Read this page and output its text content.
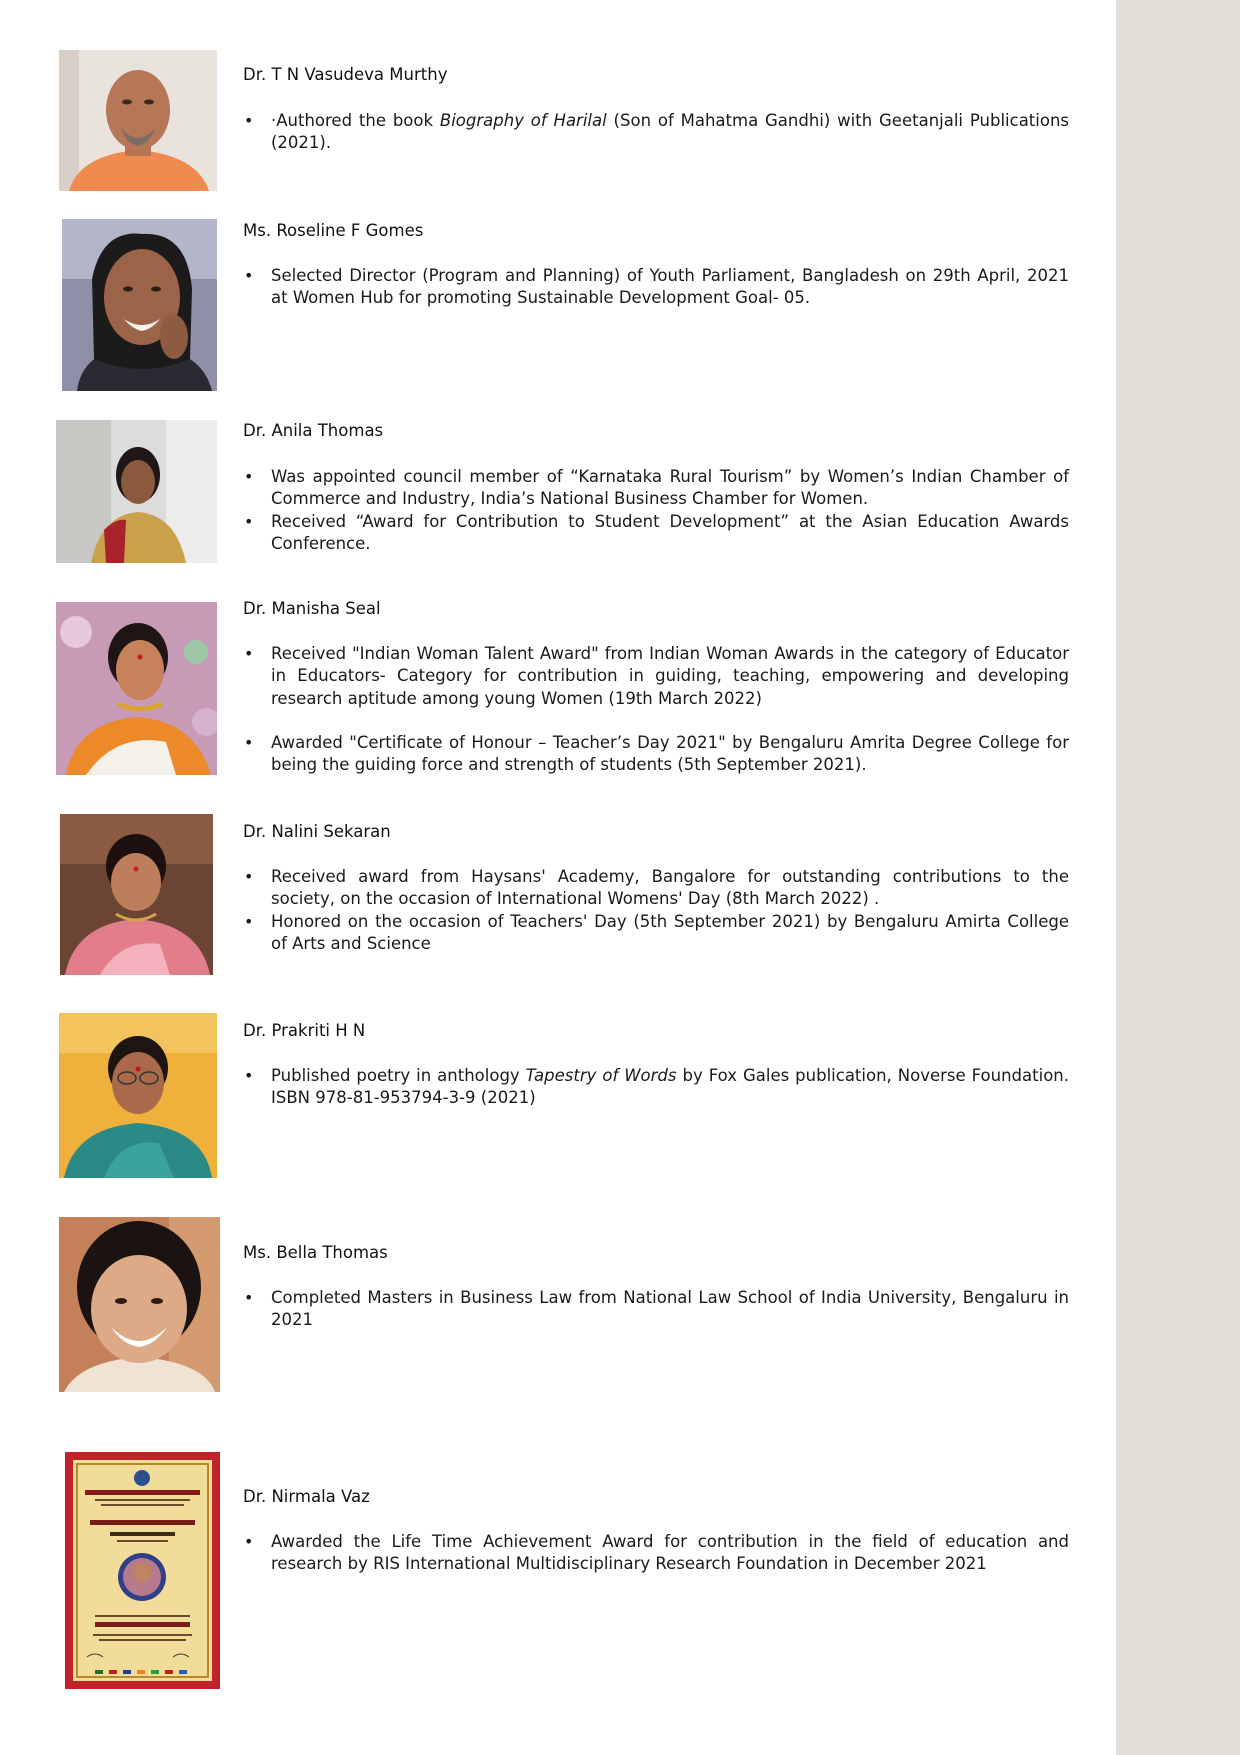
Dr. T N Vasudeva Murthy
• ·Authored the book Biography of Harilal (Son of Mahatma Gandhi) with Geetanjali Publications (2021).
Ms. Roseline F Gomes
• Selected Director (Program and Planning) of Youth Parliament, Bangladesh on 29th April, 2021 at Women Hub for promoting Sustainable Development Goal- 05.
Dr. Anila Thomas
• Was appointed council member of “Karnataka Rural Tourism” by Women’s Indian Chamber of Commerce and Industry, India’s National Business Chamber for Women.
• Received “Award for Contribution to Student Development” at the Asian Education Awards Conference.
Dr. Manisha Seal
• Received "Indian Woman Talent Award" from Indian Woman Awards in the category of Educator in Educators- Category for contribution in guiding, teaching, empowering and developing research aptitude among young Women (19th March 2022)
• Awarded "Certificate of Honour – Teacher’s Day 2021" by Bengaluru Amrita Degree College for being the guiding force and strength of students (5th September 2021).
Dr. Nalini Sekaran
• Received award from Haysans' Academy, Bangalore for outstanding contributions to the society, on the occasion of International Womens' Day (8th March 2022) .
• Honored on the occasion of Teachers' Day (5th September 2021) by Bengaluru Amirta College of Arts and Science
Dr. Prakriti H N
• Published poetry in anthology Tapestry of Words by Fox Gales publication, Noverse Foundation. ISBN 978-81-953794-3-9 (2021)
Ms. Bella Thomas
• Completed Masters in Business Law from National Law School of India University, Bengaluru in 2021
Dr. Nirmala Vaz
• Awarded the Life Time Achievement Award for contribution in the field of education and research by RIS International Multidisciplinary Research Foundation in December 2021
